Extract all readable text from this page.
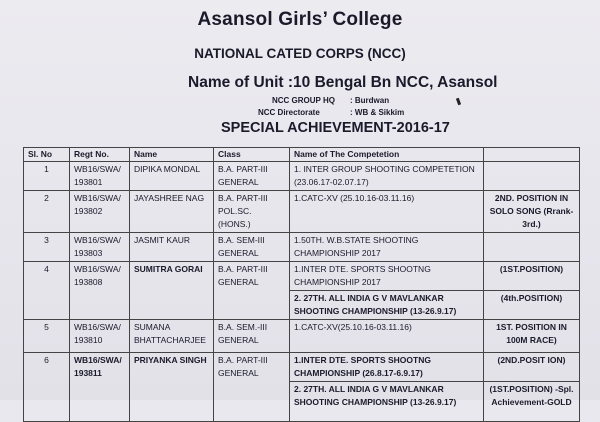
Asansol Girls’ College
NATIONAL CATED CORPS (NCC)
Name of Unit :10 Bengal Bn NCC, Asansol
NCC GROUP HQ : Burdwan
NCC Directorate	: WB & Sikkim
SPECIAL ACHIEVEMENT-2016-17
Sl. No	Regt No.	Name	Class	Name of The Competetion	
1	WB16/SWA/ 193801	DIPIKA MONDAL	B.A. PART-III GENERAL	1. INTER GROUP SHOOTING COMPETETION (23.06.17-02.07.17)	
2	WB16/SWA/ 193802	JAYASHREE NAG	B.A. PART-III POL.SC. (HONS.)	1.CATC-XV (25.10.16-03.11.16)	2ND. POSITION IN SOLO SONG (Rrank-3rd.)
3	WB16/SWA/ 193803	JASMIT KAUR	B.A. SEM-III GENERAL	1.50TH. W.B.STATE SHOOTING CHAMPIONSHIP 2017	
4	WB16/SWA/ 193808	SUMITRA GORAI	B.A. PART-III GENERAL	1.INTER DTE. SPORTS SHOOTNG CHAMPIONSHIP 2017	(1ST.POSITION)
				2. 27TH. ALL INDIA G V MAVLANKAR SHOOTING CHAMPIONSHIP (13-26.9.17)	(4th.POSITION)
5	WB16/SWA/ 193810	SUMANA BHATTACHARJEE	B.A. SEM.-III GENERAL	1.CATC-XV(25.10.16-03.11.16)	1ST. POSITION IN 100M RACE)
6	WB16/SWA/ 193811	PRIYANKA SINGH	B.A. PART-III GENERAL	1.INTER DTE. SPORTS SHOOTNG CHAMPIONSHIP (26.8.17-6.9.17)	(2ND.POSIT ION)
				2. 27TH. ALL INDIA G V MAVLANKAR SHOOTING CHAMPIONSHIP (13-26.9.17)	(1ST.POSITION) -Spl. Achievement-GOLD
